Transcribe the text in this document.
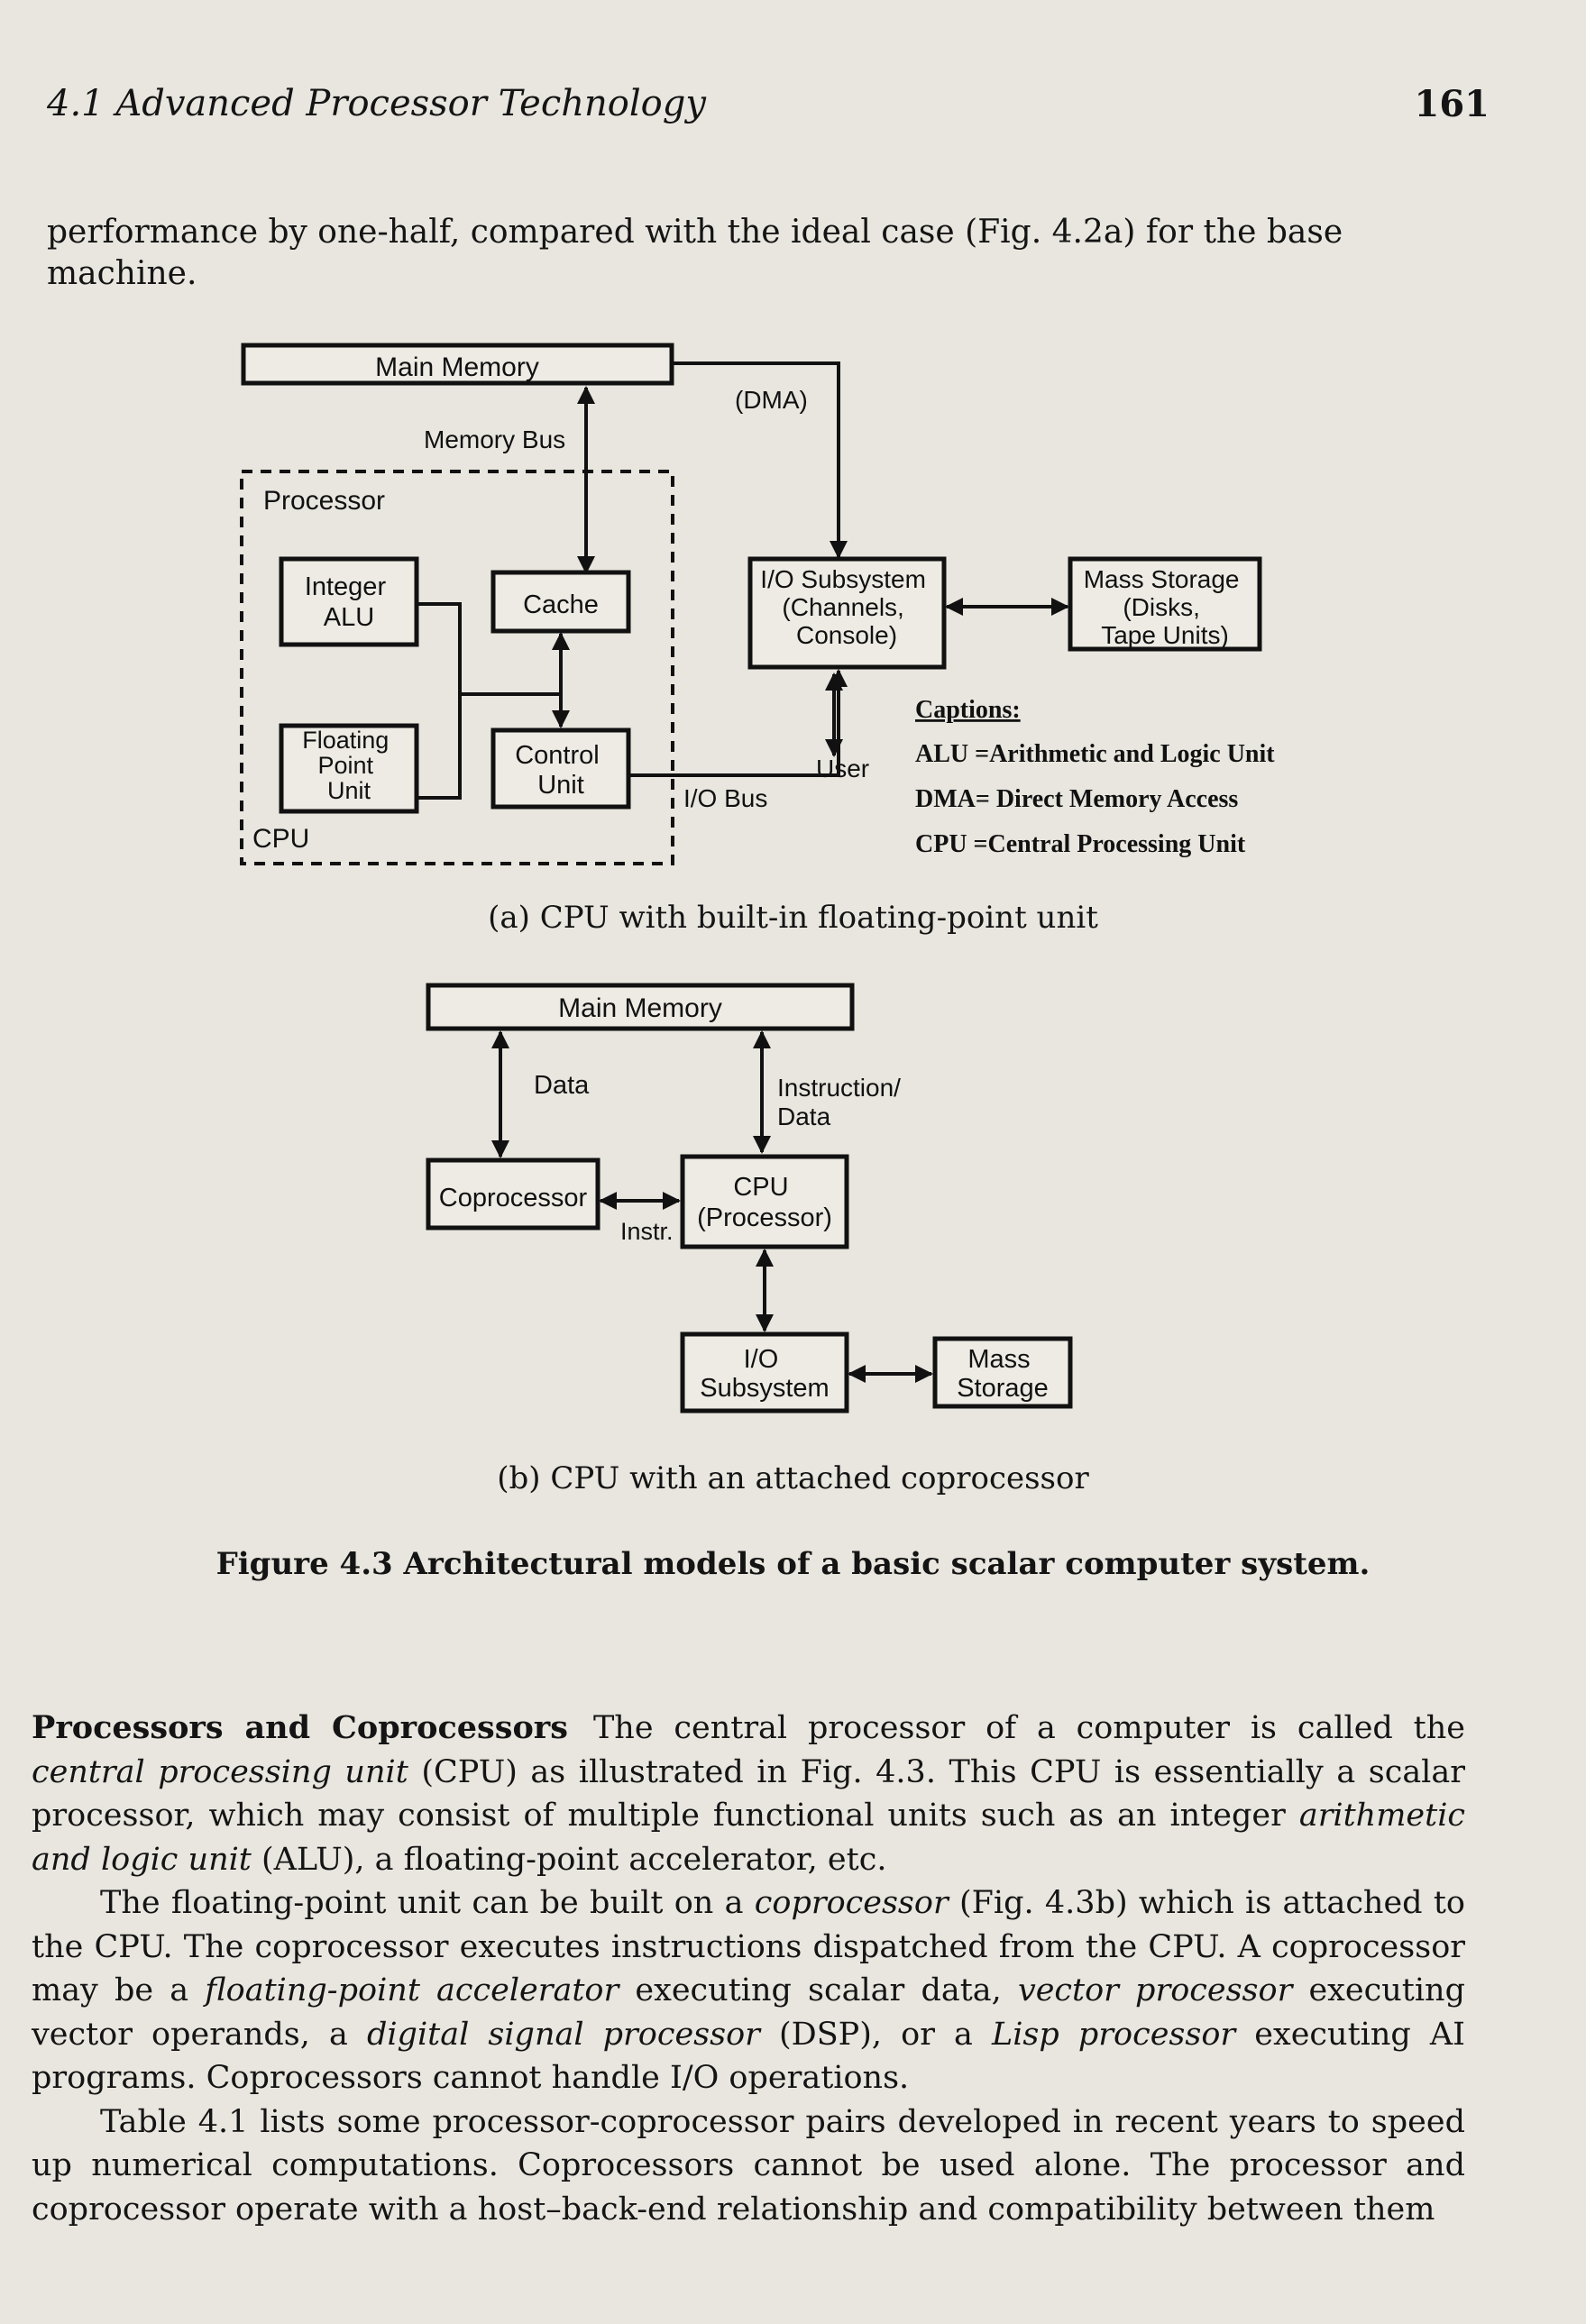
4.1 Advanced Processor Technology	161
performance by one-half, compared with the ideal case (Fig. 4.2a) for the base machine.
Main Memory
(DMA)
Memory Bus
Processor
Integer ALU	Cache
I/O Subsystem (Channels, Console)
Mass Storage (Disks, Tape Units)
Floating Point Unit
Control Unit	I/O Bus
User
CPU
Captions:
ALU =Arithmetic and Logic Unit
DMA= Direct Memory Access
CPU =Central Processing Unit
Main Memory
Data	Instruction/ Data
Coprocessor	CPU (Processor)
Instr.
I/O Subsystem
Mass Storage
(a) CPU with built-in floating-point unit
(b) CPU with an attached coprocessor
Figure 4.3 Architectural models of a basic scalar computer system.

Processors and Coprocessors The central processor of a computer is called the central processing unit (CPU) as illustrated in Fig. 4.3. This CPU is essentially a scalar processor, which may consist of multiple functional units such as an integer arithmetic and logic unit (ALU), a floating-point accelerator, etc.

The floating-point unit can be built on a coprocessor (Fig. 4.3b) which is attached to the CPU. The coprocessor executes instructions dispatched from the CPU. A coprocessor may be a floating-point accelerator executing scalar data, vector processor executing vector operands, a digital signal processor (DSP), or a Lisp processor executing AI programs. Coprocessors cannot handle I/O operations.

Table 4.1 lists some processor-coprocessor pairs developed in recent years to speed up numerical computations. Coprocessors cannot be used alone. The processor and coprocessor operate with a host–back-end relationship and compatibility between them
